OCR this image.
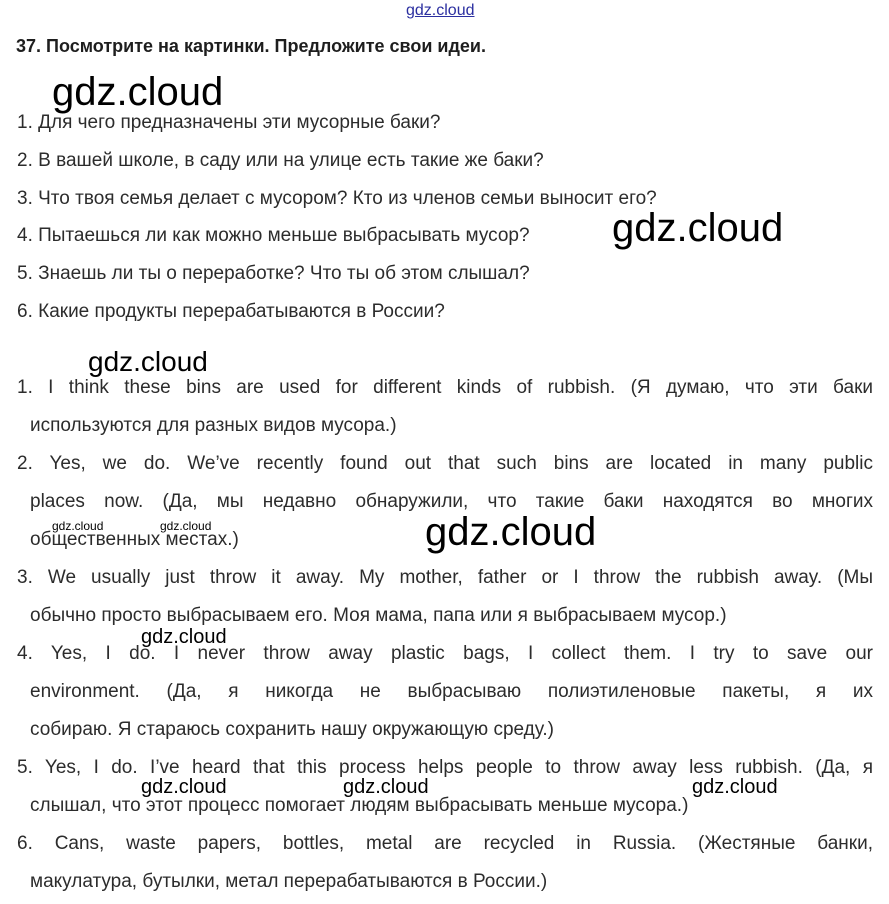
gdz.cloud
37. Посмотрите на картинки. Предложите свои идеи.
1. Для чего предназначены эти мусорные баки?
2. В вашей школе, в саду или на улице есть такие же баки?
3. Что твоя семья делает с мусором? Кто из членов семьи выносит его?
4. Пытаешься ли как можно меньше выбрасывать мусор?
5. Знаешь ли ты о переработке? Что ты об этом слышал?
6. Какие продукты перерабатываются в России?
1. I think these bins are used for different kinds of rubbish. (Я думаю, что эти баки
используются для разных видов мусора.)
2. Yes, we do. We’ve recently found out that such bins are located in many public
places now. (Да, мы недавно обнаружили, что такие баки находятся во многих
общественных местах.)
3. We usually just throw it away. My mother, father or I throw the rubbish away. (Мы
обычно просто выбрасываем его. Моя мама, папа или я выбрасываем мусор.)
4. Yes, I do. I never throw away plastic bags, I collect them. I try to save our
environment. (Да, я никогда не выбрасываю полиэтиленовые пакеты, я их
собираю. Я стараюсь сохранить нашу окружающую среду.)
5. Yes, I do. I’ve heard that this process helps people to throw away less rubbish. (Да, я
слышал, что этот процесс помогает людям выбрасывать меньше мусора.)
6. Cans, waste papers, bottles, metal are recycled in Russia. (Жестяные банки,
макулатура, бутылки, метал перерабатываются в России.)
gdz.cloud
gdz.cloud
gdz.cloud
gdz.cloud	gdz.cloud	gdz.cloud
gdz.cloud
gdz.cloud	gdz.cloud	gdz.cloud
